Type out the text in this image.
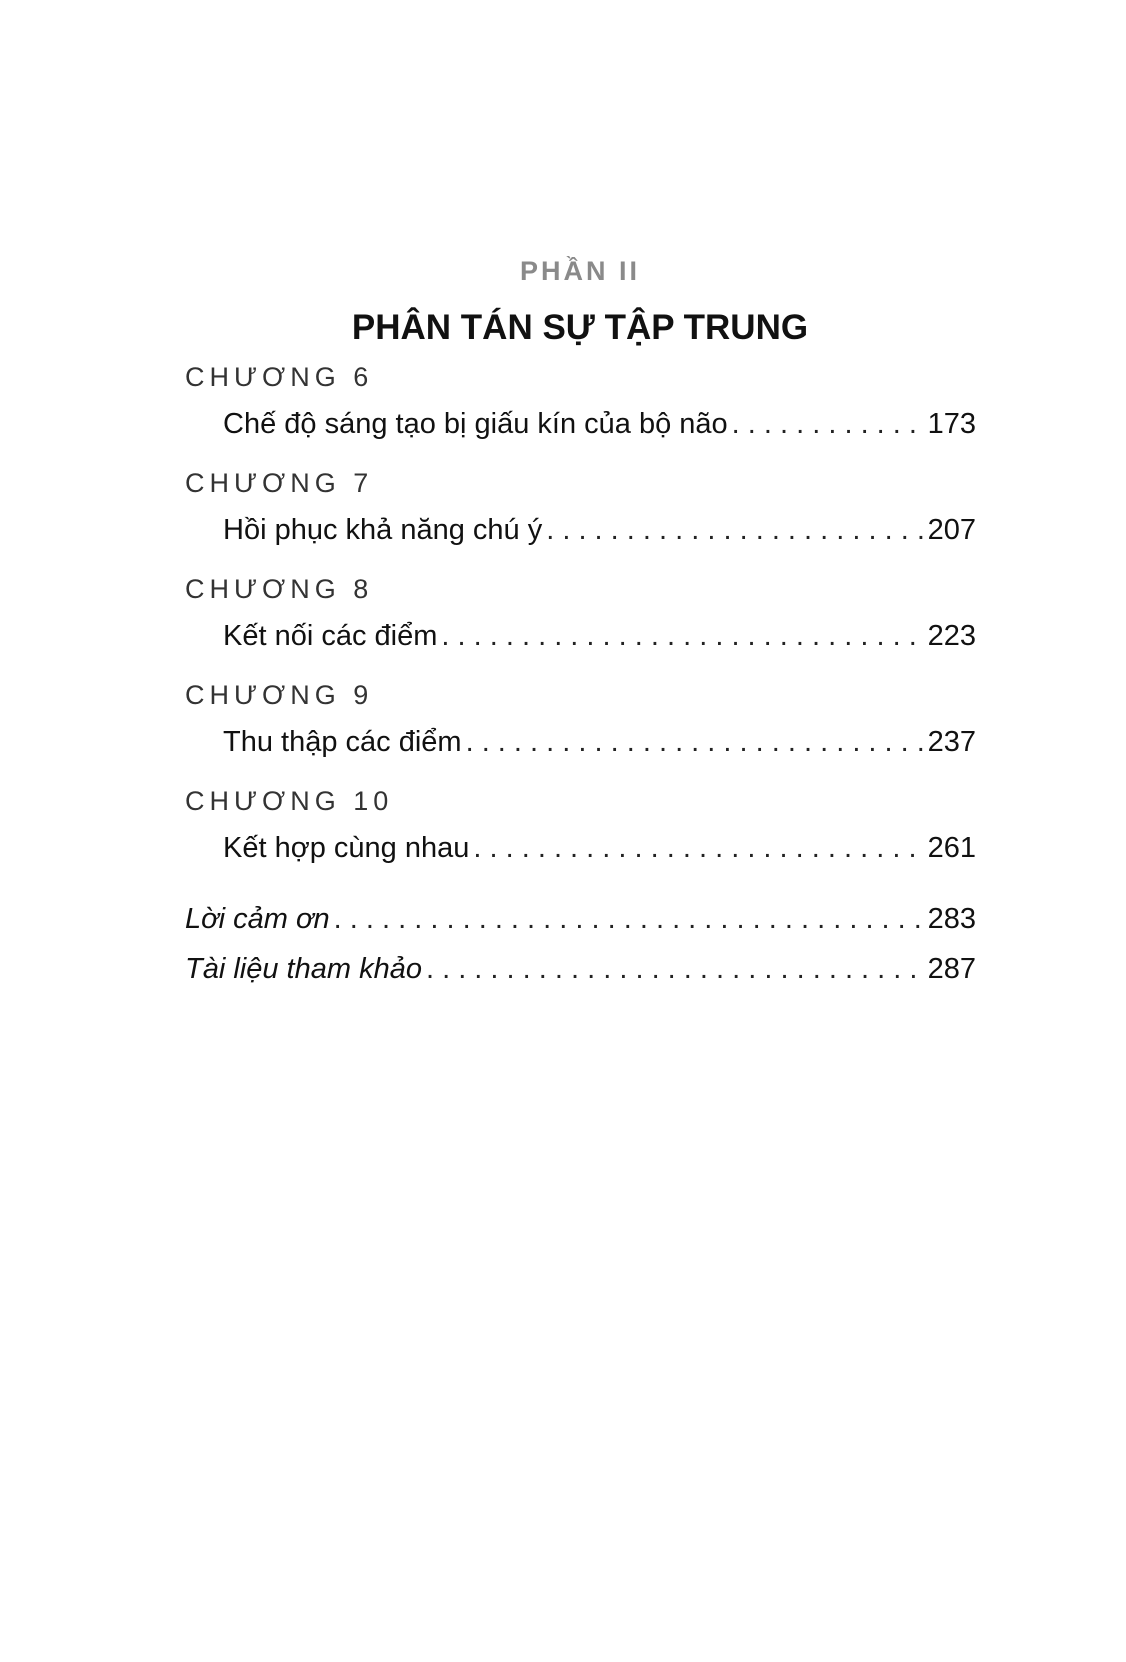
PHẦN II
PHÂN TÁN SỰ TẬP TRUNG
CHƯƠNG 6
Chế độ sáng tạo bị giấu kín của bộ não . . .	173
CHƯƠNG 7
Hồi phục khả năng chú ý . . .	207
CHƯƠNG 8
Kết nối các điểm . . .	223
CHƯƠNG 9
Thu thập các điểm . . .	237
CHƯƠNG 10
Kết hợp cùng nhau . . .	261
Lời cảm ơn . . .	283
Tài liệu tham khảo . . .	287
